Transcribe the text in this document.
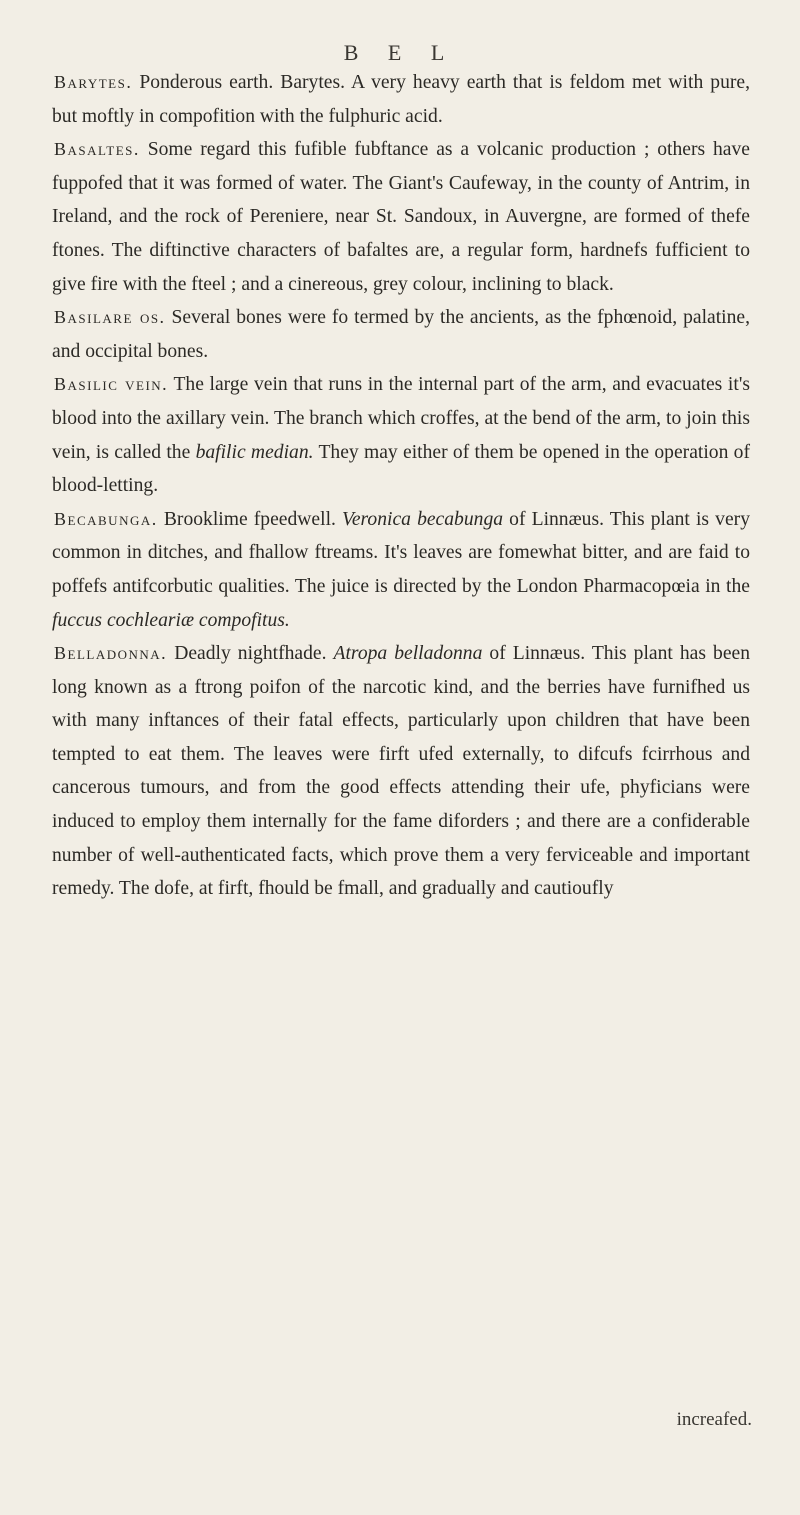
B E L

Barytes. Ponderous earth. Barytes. A very heavy earth that is feldom met with pure, but moftly in compofition with the fulphuric acid.

Basaltes. Some regard this fufible fubftance as a volcanic production ; others have fuppofed that it was formed of water. The Giant's Caufeway, in the county of Antrim, in Ireland, and the rock of Pereniere, near St. Sandoux, in Auvergne, are formed of thefe ftones. The diftinctive characters of bafaltes are, a regular form, hardnefs fufficient to give fire with the fteel ; and a cinereous, grey colour, inclining to black.

Basilare os. Several bones were fo termed by the ancients, as the fphœnoid, palatine, and occipital bones.

Basilic vein. The large vein that runs in the internal part of the arm, and evacuates it's blood into the axillary vein. The branch which croffes, at the bend of the arm, to join this vein, is called the bafilic median. They may either of them be opened in the operation of blood-letting.

Becabunga. Brooklime fpeedwell. Veronica becabunga of Linnæus. This plant is very common in ditches, and fhallow ftreams. It's leaves are fomewhat bitter, and are faid to poffefs antifcorbutic qualities. The juice is directed by the London Pharmacopœia in the fuccus cochleariæ compofitus.

Belladonna. Deadly nightfhade. Atropa belladonna of Linnæus. This plant has been long known as a ftrong poifon of the narcotic kind, and the berries have furnifhed us with many inftances of their fatal effects, particularly upon children that have been tempted to eat them. The leaves were firft ufed externally, to difcufs fcirrhous and cancerous tumours, and from the good effects attending their ufe, phyficians were induced to employ them internally for the fame diforders ; and there are a confiderable number of well-authenticated facts, which prove them a very ferviceable and important remedy. The dofe, at firft, fhould be fmall, and gradually and cautioufly

increafed.
